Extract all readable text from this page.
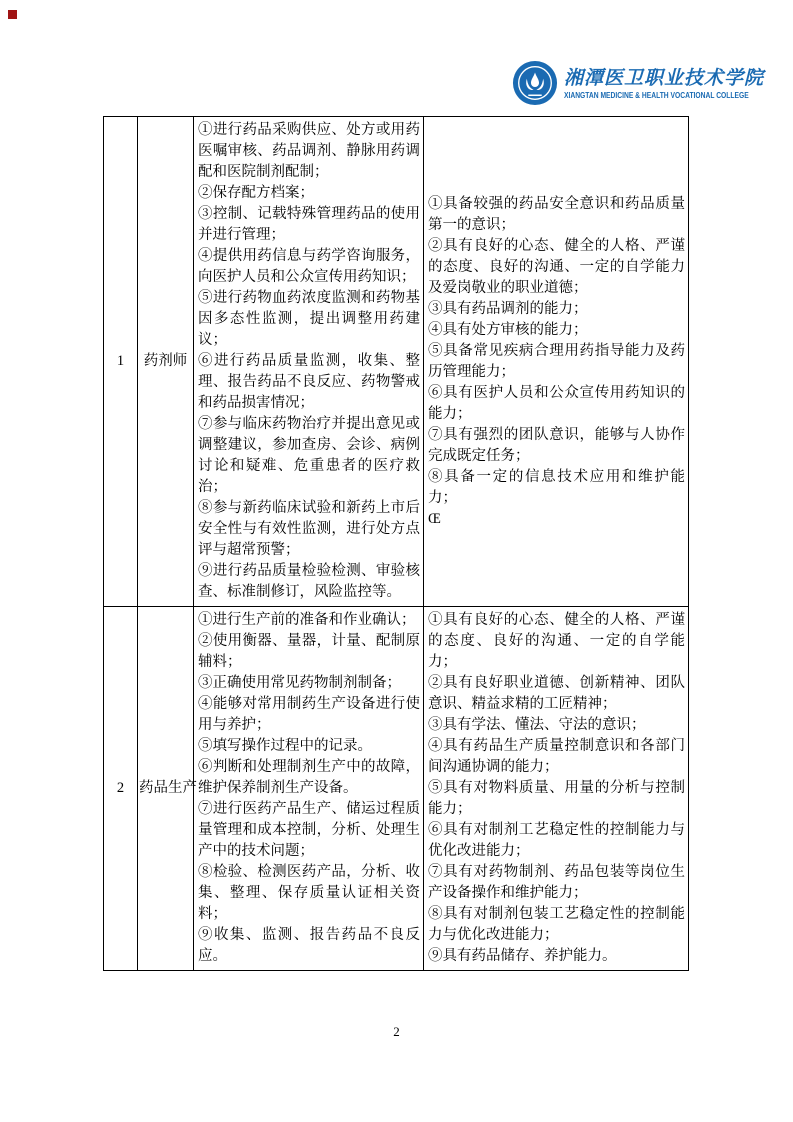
湘潭医卫职业技术学院
XIANGTAN MEDICINE & HEALTH VOCATIONAL COLLEGE
1	药剂师	
①进行药品采购供应、处方或用药医嘱审核、药品调剂、静脉用药调配和医院制剂配制；
②保存配方档案；
③控制、记载特殊管理药品的使用并进行管理；
④提供用药信息与药学咨询服务，向医护人员和公众宣传用药知识；
⑤进行药物血药浓度监测和药物基因多态性监测，提出调整用药建议；
⑥进行药品质量监测，收集、整理、报告药品不良反应、药物警戒和药品损害情况；
⑦参与临床药物治疗并提出意见或调整建议，参加查房、会诊、病例讨论和疑难、危重患者的医疗救治；
⑧参与新药临床试验和新药上市后安全性与有效性监测，进行处方点评与超常预警；
⑨进行药品质量检验检测、审验核查、标准制修订，风险监控等。

①具备较强的药品安全意识和药品质量第一的意识；
②具有良好的心态、健全的人格、严谨的态度、良好的沟通、一定的自学能力及爱岗敬业的职业道德；
③具有药品调剂的能力；
④具有处方审核的能力；
⑤具备常见疾病合理用药指导能力及药历管理能力；
⑥具有医护人员和公众宣传用药知识的能力；
⑦具有强烈的团队意识，能够与人协作完成既定任务；
⑧具备一定的信息技术应用和维护能力；
Œ

2	药品生产	
①进行生产前的准备和作业确认；
②使用衡器、量器，计量、配制原辅料；
③正确使用常见药物制剂制备；
④能够对常用制药生产设备进行使用与养护；
⑤填写操作过程中的记录。
⑥判断和处理制剂生产中的故障，维护保养制剂生产设备。
⑦进行医药产品生产、储运过程质量管理和成本控制，分析、处理生产中的技术问题；
⑧检验、检测医药产品，分析、收集、整理、保存质量认证相关资料；
⑨收集、监测、报告药品不良反应。

①具有良好的心态、健全的人格、严谨的态度、良好的沟通、一定的自学能力；
②具有良好职业道德、创新精神、团队意识、精益求精的工匠精神；
③具有学法、懂法、守法的意识；
④具有药品生产质量控制意识和各部门间沟通协调的能力；
⑤具有对物料质量、用量的分析与控制能力；
⑥具有对制剂工艺稳定性的控制能力与优化改进能力；
⑦具有对药物制剂、药品包装等岗位生产设备操作和维护能力；
⑧具有对制剂包装工艺稳定性的控制能力与优化改进能力；
⑨具有药品储存、养护能力。
2
